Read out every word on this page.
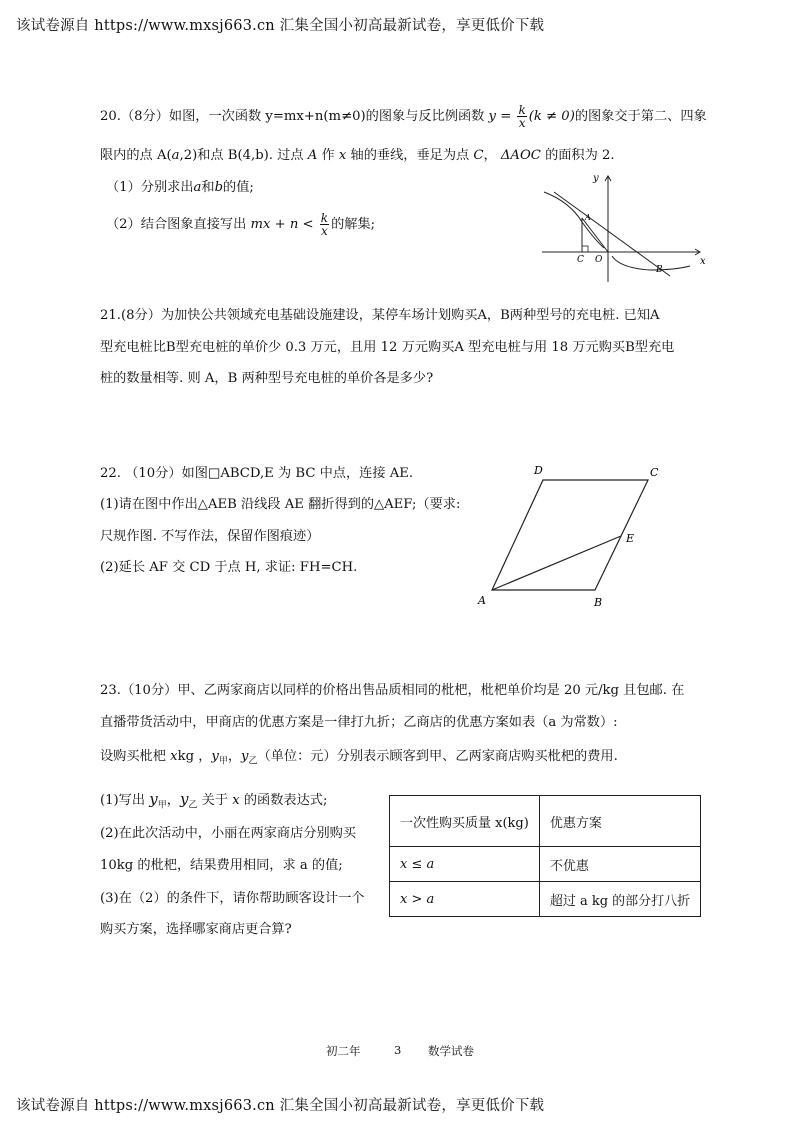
该试卷源自 https://www.mxsj663.cn 汇集全国小初高最新试卷，享更低价下载
20.（8分）如图，一次函数 y=mx+n(m≠0)的图象与反比例函数 $y = \frac{k}{x} (k \ne 0)$的图象交于第二、四象
限内的点 A(a,2)和点 B(4,b). 过点 A 作 x 轴的垂线，垂足为点 C， ΔAOC 的面积为 2.
（1）分别求出a和b的值;
（2）结合图象直接写出 mx + $n < \frac{k}{x}$ 的解集;
y
x
A
C O
B
21.(8分）为加快公共领域充电基础设施建设，某停车场计划购买A，B两种型号的充电桩. 已知A
型充电桩比B型充电桩的单价少 0.3 万元，且用 12 万元购买A 型充电桩与用 18 万元购买B型充电
桩的数量相等. 则 A，B 两种型号充电桩的单价各是多少?
22. （10分）如图□ABCD,E 为 BC 中点，连接 AE.
(1)请在图中作出△AEB 沿线段 AE 翻折得到的△AEF;（要求:
尺规作图. 不写作法，保留作图痕迹）
(2)延长 AF 交 CD 于点 H, 求证: FH=CH.
D	C
E
A	B
23.（10分）甲、乙两家商店以同样的价格出售品质相同的枇杷，枇杷单价均是 20 元/kg 且包邮. 在
直播带货活动中，甲商店的优惠方案是一律打九折；乙商店的优惠方案如表（a 为常数）:
设购买枇杷 xkg ，$y_甲$，$y_乙$（单位：元）分别表示顾客到甲、乙两家商店购买枇杷的费用.
(1)写出 $y_甲$，$y_乙$ 关于 x 的函数表达式;
(2)在此次活动中，小丽在两家商店分别购买
10kg 的枇杷，结果费用相同，求 a 的值;
(3)在（2）的条件下，请你帮助顾客设计一个
购买方案，选择哪家商店更合算?
一次性购买质量 x(kg)	优惠方案
x ≤ a	不优惠
x > a	超过 a kg 的部分打八折
初二年	3 数学试卷
该试卷源自 https://www.mxsj663.cn 汇集全国小初高最新试卷，享更低价下载
